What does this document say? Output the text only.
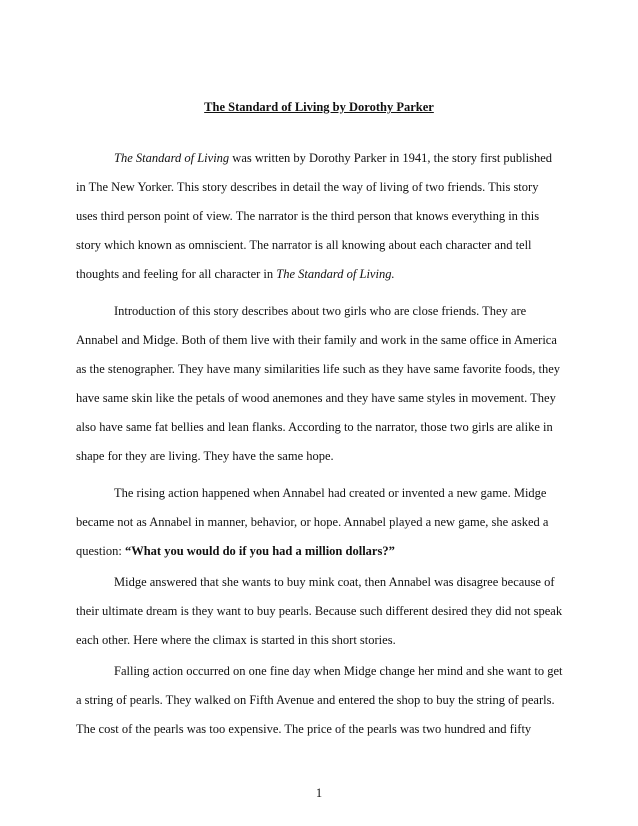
The Standard of Living by Dorothy Parker
The Standard of Living was written by Dorothy Parker in 1941, the story first published
in The New Yorker. This story describes in detail the way of living of two friends. This story
uses third person point of view. The narrator is the third person that knows everything in this
story which known as omniscient. The narrator is all knowing about each character and tell
thoughts and feeling for all character in The Standard of Living.
Introduction of this story describes about two girls who are close friends. They are
Annabel and Midge. Both of them live with their family and work in the same office in America
as the stenographer. They have many similarities life such as they have same favorite foods, they
have same skin like the petals of wood anemones and they have same styles in movement. They
also have same fat bellies and lean flanks. According to the narrator, those two girls are alike in
shape for they are living. They have the same hope.
The rising action happened when Annabel had created or invented a new game. Midge
became not as Annabel in manner, behavior, or hope. Annabel played a new game, she asked a
question: “What you would do if you had a million dollars?”
Midge answered that she wants to buy mink coat, then Annabel was disagree because of
their ultimate dream is they want to buy pearls. Because such different desired they did not speak
each other. Here where the climax is started in this short stories.
Falling action occurred on one fine day when Midge change her mind and she want to get
a string of pearls. They walked on Fifth Avenue and entered the shop to buy the string of pearls.
The cost of the pearls was too expensive. The price of the pearls was two hundred and fifty
1
